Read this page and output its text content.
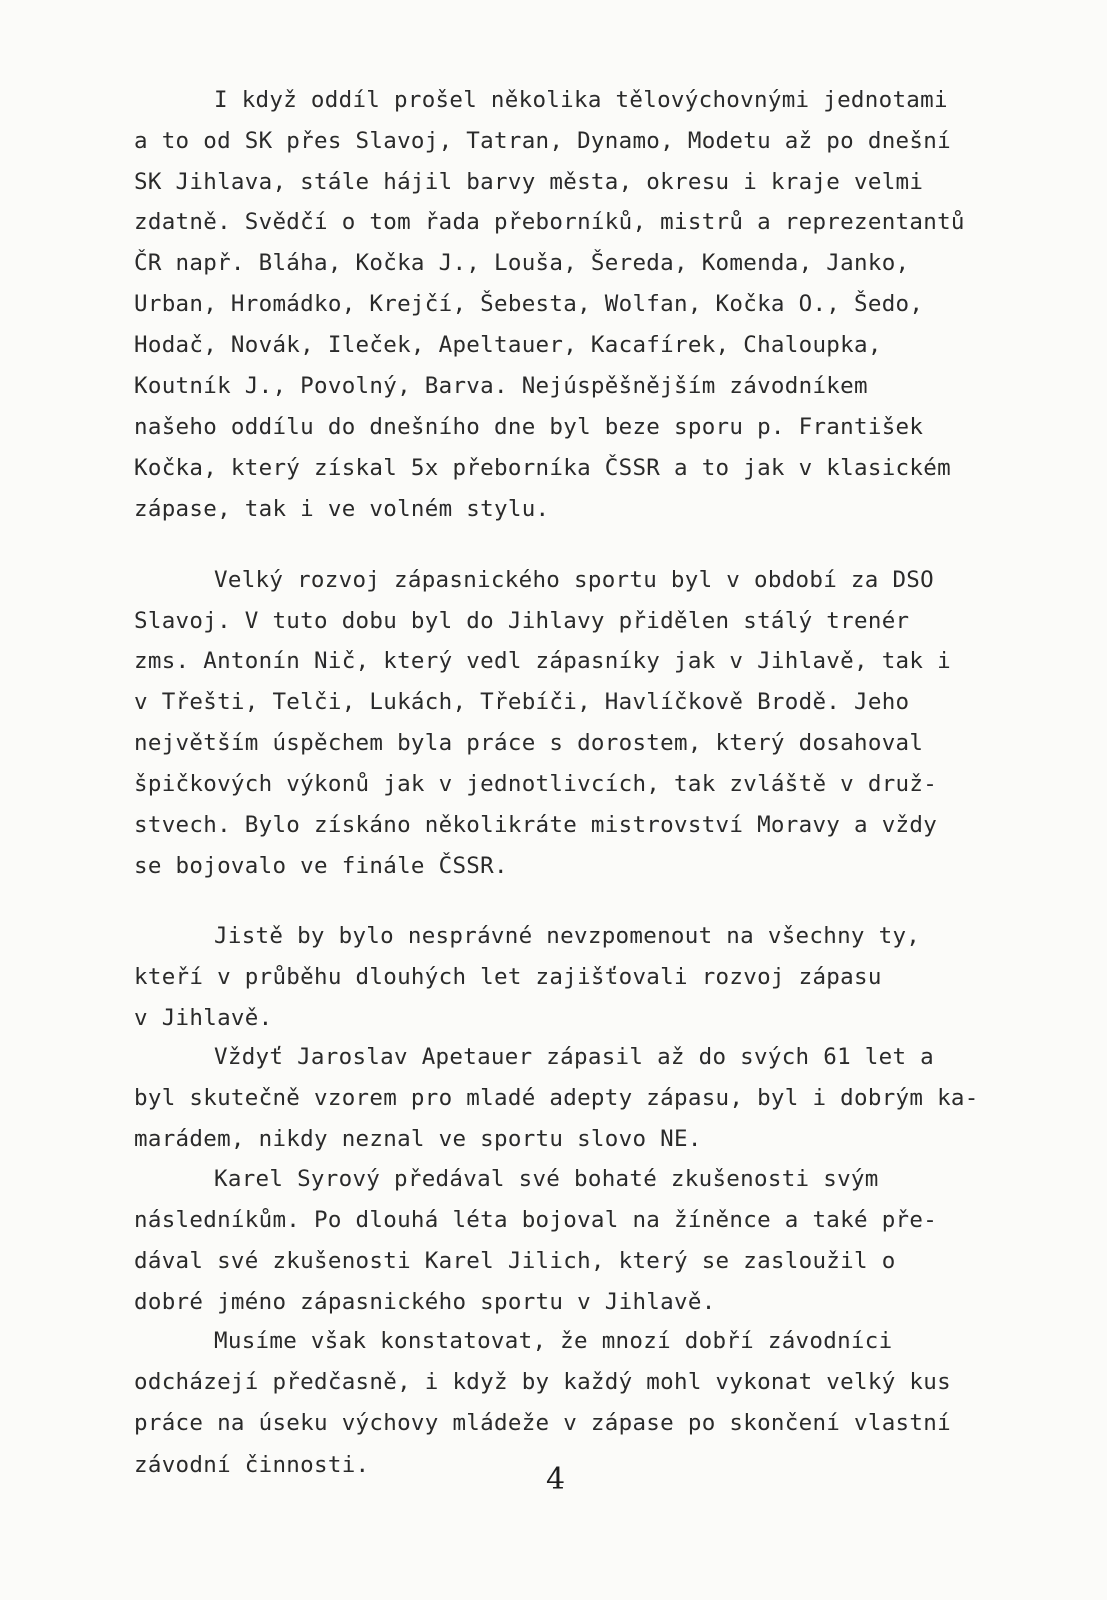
I když oddíl prošel několika tělovýchovnými jednotami
a to od SK přes Slavoj, Tatran, Dynamo, Modetu až po dnešní
SK Jihlava, stále hájil barvy města, okresu i kraje velmi
zdatně. Svědčí o tom řada přeborníků, mistrů a reprezentantů
ČR např. Bláha, Kočka J., Louša, Šereda, Komenda, Janko,
Urban, Hromádko, Krejčí, Šebesta, Wolfan, Kočka O., Šedo,
Hodač, Novák, Ileček, Apeltauer, Kacafírek, Chaloupka,
Koutník J., Povolný, Barva. Nejúspěšnějším závodníkem
našeho oddílu do dnešního dne byl beze sporu p. František
Kočka, který získal 5x přeborníka ČSSR a to jak v klasickém
zápase, tak i ve volném stylu.
Velký rozvoj zápasnického sportu byl v období za DSO
Slavoj. V tuto dobu byl do Jihlavy přidělen stálý trenér
zms. Antonín Nič, který vedl zápasníky jak v Jihlavě, tak i
v Třešti, Telči, Lukách, Třebíči, Havlíčkově Brodě. Jeho
největším úspěchem byla práce s dorostem, který dosahoval
špičkových výkonů jak v jednotlivcích, tak zvláště v druž-
stvech. Bylo získáno několikráte mistrovství Moravy a vždy
se bojovalo ve finále ČSSR.
Jistě by bylo nesprávné nevzpomenout na všechny ty,
kteří v průběhu dlouhých let zajišťovali rozvoj zápasu
v Jihlavě.
Vždyť Jaroslav Apetauer zápasil až do svých 61 let a
byl skutečně vzorem pro mladé adepty zápasu, byl i dobrým ka-
marádem, nikdy neznal ve sportu slovo NE.
Karel Syrový předával své bohaté zkušenosti svým
následníkům. Po dlouhá léta bojoval na žíněnce a také pře-
dával své zkušenosti Karel Jilich, který se zasloužil o
dobré jméno zápasnického sportu v Jihlavě.
Musíme však konstatovat, že mnozí dobří závodníci
odcházejí předčasně, i když by každý mohl vykonat velký kus
práce na úseku výchovy mládeže v zápase po skončení vlastní
závodní činnosti.	4
